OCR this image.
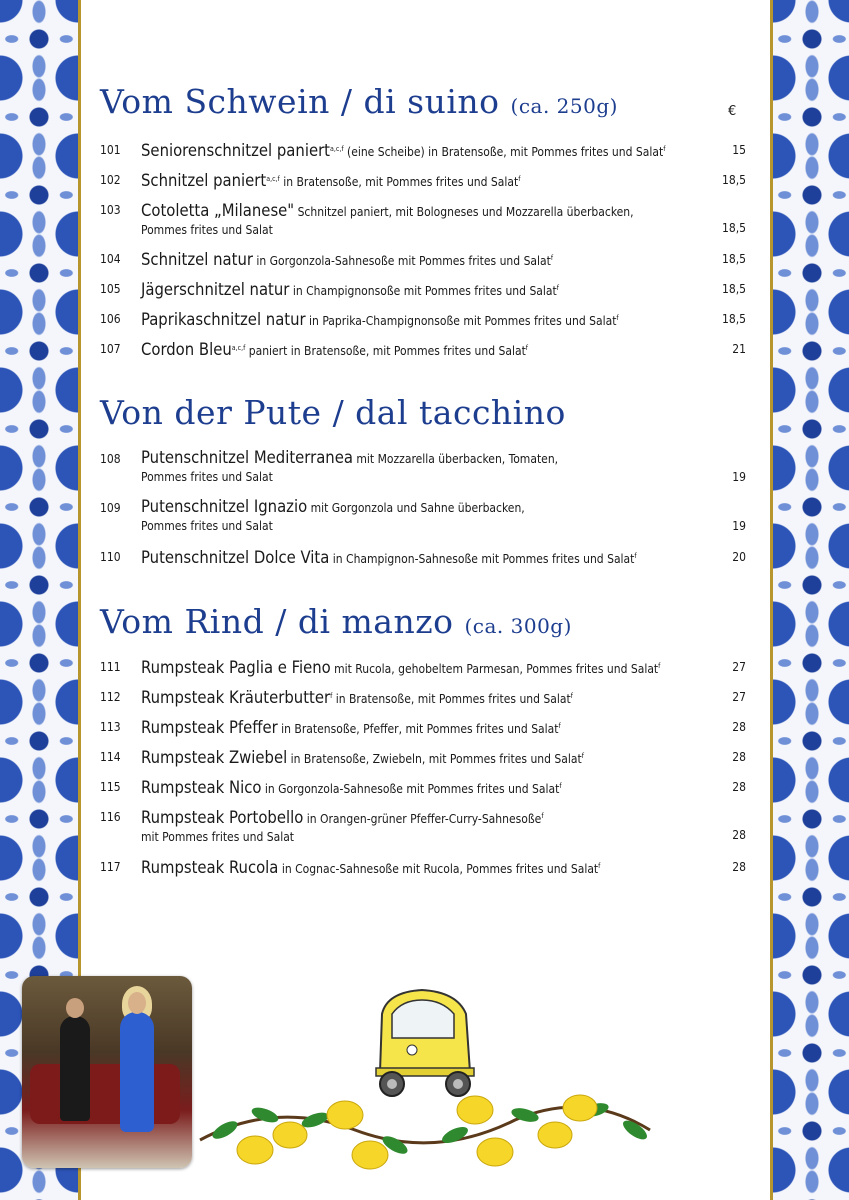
Vom Schwein / di suino (ca. 250g)	€
101 Seniorenschnitzel paniert$^{a,c,f}$ (eine Scheibe) in Bratensoße, mit Pommes frites und Salat$^f$	15
102 Schnitzel paniert$^{a,c,f}$ in Bratensoße, mit Pommes frites und Salat$^f$	18,5
103 Cotoletta „Milanese" Schnitzel paniert, mit Bologneses und Mozzarella überbacken,
Pommes frites und Salat	18,5
104 Schnitzel natur in Gorgonzola-Sahnesoße mit Pommes frites und Salat$^f$	18,5
105 Jägerschnitzel natur in Champignonsoße mit Pommes frites und Salat$^f$	18,5
106 Paprikaschnitzel natur in Paprika-Champignonsoße mit Pommes frites und Salat$^f$	18,5
107 Cordon Bleu$^{a,c,f}$ paniert in Bratensoße, mit Pommes frites und Salat$^f$	21
Von der Pute / dal tacchino
108 Putenschnitzel Mediterranea mit Mozzarella überbacken, Tomaten,
Pommes frites und Salat	19
109 Putenschnitzel Ignazio mit Gorgonzola und Sahne überbacken,
Pommes frites und Salat	19
110 Putenschnitzel Dolce Vita in Champignon-Sahnesoße mit Pommes frites und Salat$^f$	20
Vom Rind / di manzo (ca. 300g)
111 Rumpsteak Paglia e Fieno mit Rucola, gehobeltem Parmesan, Pommes frites und Salat$^f$	27
112 Rumpsteak Kräuterbutter$^f$ in Bratensoße, mit Pommes frites und Salat$^f$	27
113 Rumpsteak Pfeffer in Bratensoße, Pfeffer, mit Pommes frites und Salat$^f$	28
114 Rumpsteak Zwiebel in Bratensoße, Zwiebeln, mit Pommes frites und Salat$^f$	28
115 Rumpsteak Nico in Gorgonzola-Sahnesoße mit Pommes frites und Salat$^f$	28
116 Rumpsteak Portobello in Orangen-grüner Pfeffer-Curry-Sahnesoße$^f$
mit Pommes frites und Salat	28
117 Rumpsteak Rucola in Cognac-Sahnesoße mit Rucola, Pommes frites und Salat$^f$	28
